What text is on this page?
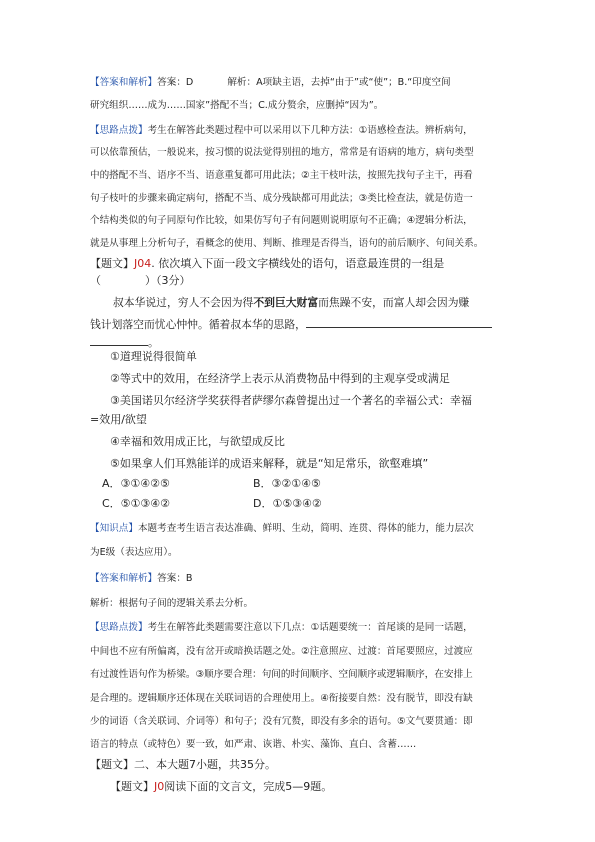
【答案和解析】答案：D	解析：A项缺主语，去掉“由于”或“使”；B.“印度空间
研究组织……成为……国家”搭配不当；C.成分赘余，应删掉“因为”。
【思路点拨】考生在解答此类题过程中可以采用以下几种方法：①语感检查法。辨析病句，
可以依靠预估，一般说来，按习惯的说法觉得别扭的地方，常常是有语病的地方，病句类型
中的搭配不当、语序不当、语意重复都可用此法；②主干枝叶法，按照先找句子主干，再看
句子枝叶的步骤来确定病句，搭配不当、成分残缺都可用此法；③类比检查法，就是仿造一
个结构类似的句子同原句作比较，如果仿写句子有问题则说明原句不正确；④逻辑分析法，
就是从事理上分析句子，看概念的使用、判断、推理是否得当，语句的前后顺序、句间关系。
【题文】J04. 依次填入下面一段文字横线处的语句，语意最连贯的一组是
（	）（3分）
叔本华说过，穷人不会因为得不到巨大财富而焦躁不安，而富人却会因为赚
钱计划落空而忧心忡忡。循着叔本华的思路，
。
①道理说得很简单
②等式中的效用，在经济学上表示从消费物品中得到的主观享受或满足
③美国诺贝尔经济学奖获得者萨缪尔森曾提出过一个著名的幸福公式：幸福
=效用/欲望
④幸福和效用成正比，与欲望成反比
⑤如果拿人们耳熟能详的成语来解释，就是“知足常乐，欲壑难填”
A．③①④②⑤	B．③②①④⑤
C．⑤①③④②	D．①⑤③④②
【知识点】本题考查考生语言表达准确、鲜明、生动，简明、连贯、得体的能力，能力层次
为E级（表达应用）。
【答案和解析】答案：B
解析：根据句子间的逻辑关系去分析。
【思路点拨】考生在解答此类题需要注意以下几点：①话题要统一：首尾谈的是同一话题，
中间也不应有所偏离，没有岔开或暗换话题之处。②注意照应、过渡：首尾要照应，过渡应
有过渡性语句作为桥梁。③顺序要合理：句间的时间顺序、空间顺序或逻辑顺序，在安排上
是合理的。逻辑顺序还体现在关联词语的合理使用上。④衔接要自然：没有脱节，即没有缺
少的词语（含关联词、介词等）和句子；没有冗赘，即没有多余的语句。⑤文气要贯通：即
语言的特点（或特色）要一致，如严肃、诙谐、朴实、藻饰、直白、含蓄……
【题文】二、本大题7小题，共35分。
【题文】J0阅读下面的文言文，完成5—9题。
